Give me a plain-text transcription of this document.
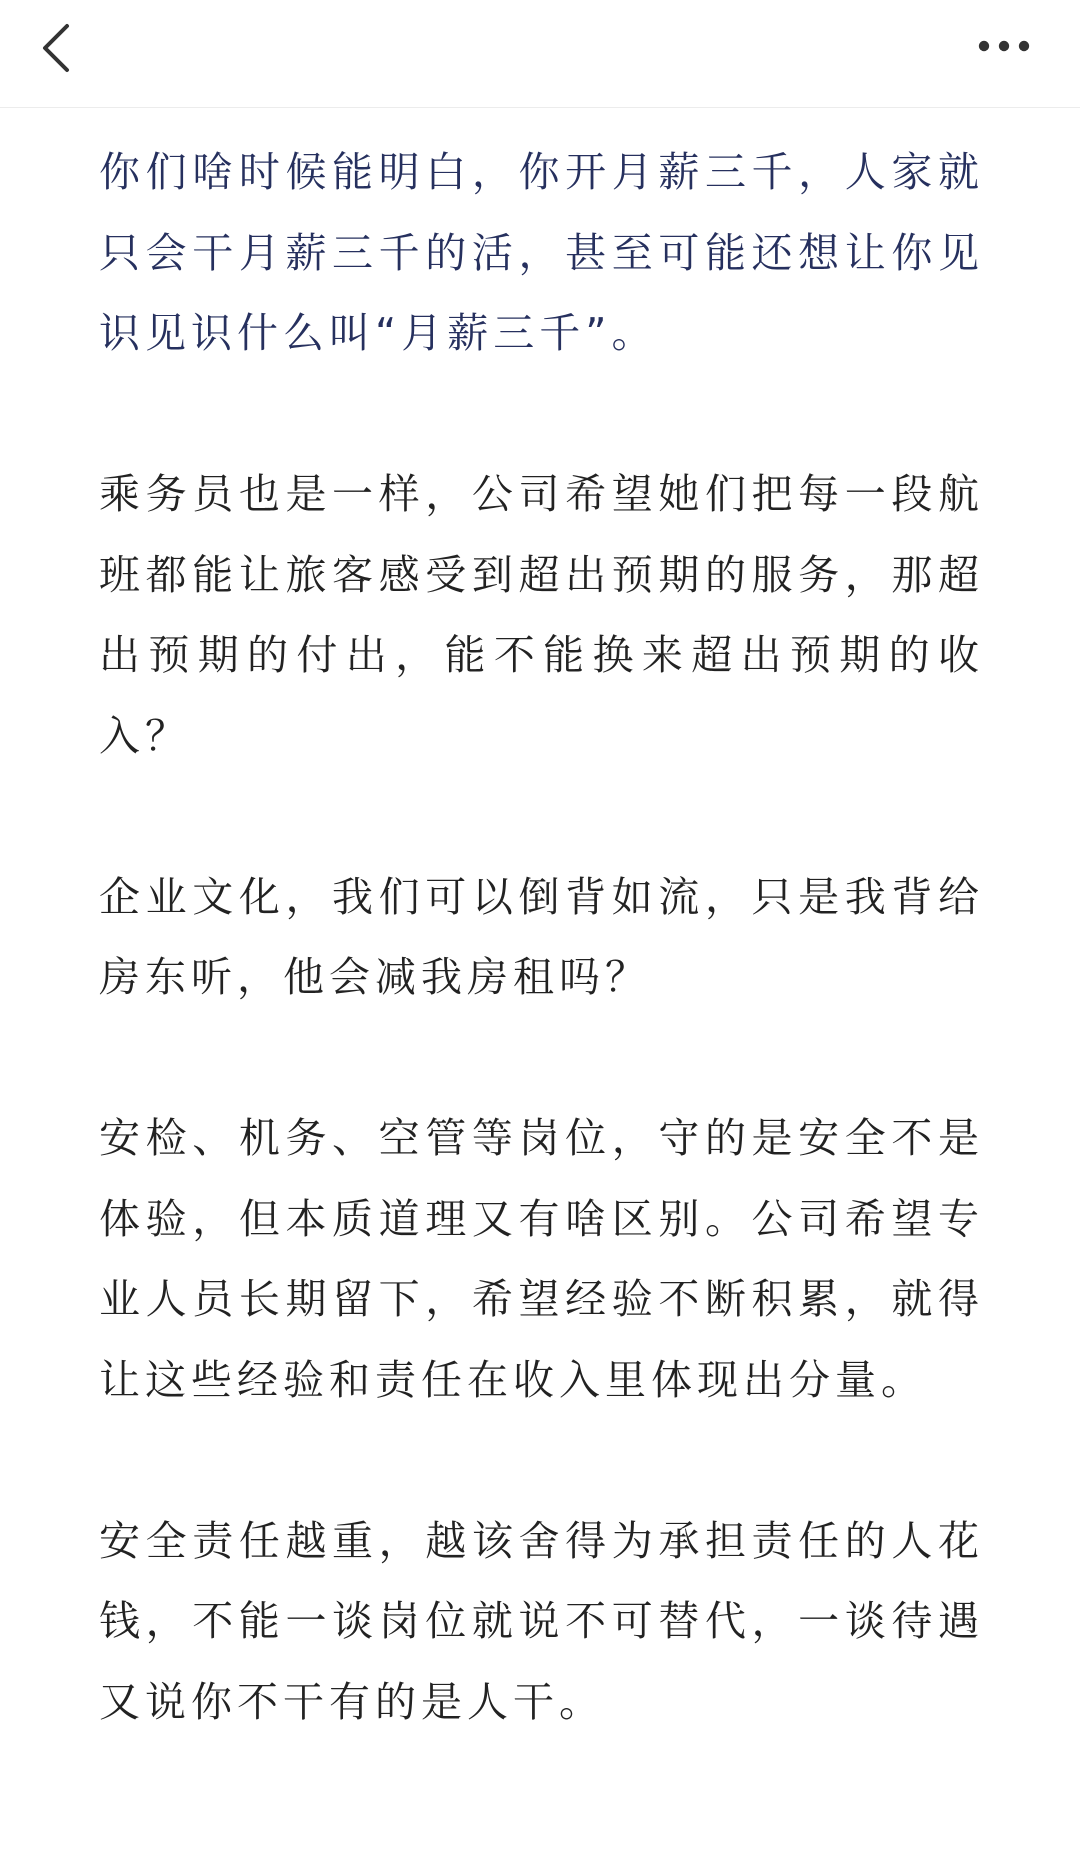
你们啥时候能明白，你开月薪三千，人家就只会干月薪三千的活，甚至可能还想让你见识见识什么叫“月薪三千”。

乘务员也是一样，公司希望她们把每一段航班都能让旅客感受到超出预期的服务，那超出预期的付出，能不能换来超出预期的收入？

企业文化，我们可以倒背如流，只是我背给房东听，他会减我房租吗？

安检、机务、空管等岗位，守的是安全不是体验，但本质道理又有啥区别。公司希望专业人员长期留下，希望经验不断积累，就得让这些经验和责任在收入里体现出分量。

安全责任越重，越该舍得为承担责任的人花钱，不能一谈岗位就说不可替代，一谈待遇又说你不干有的是人干。
